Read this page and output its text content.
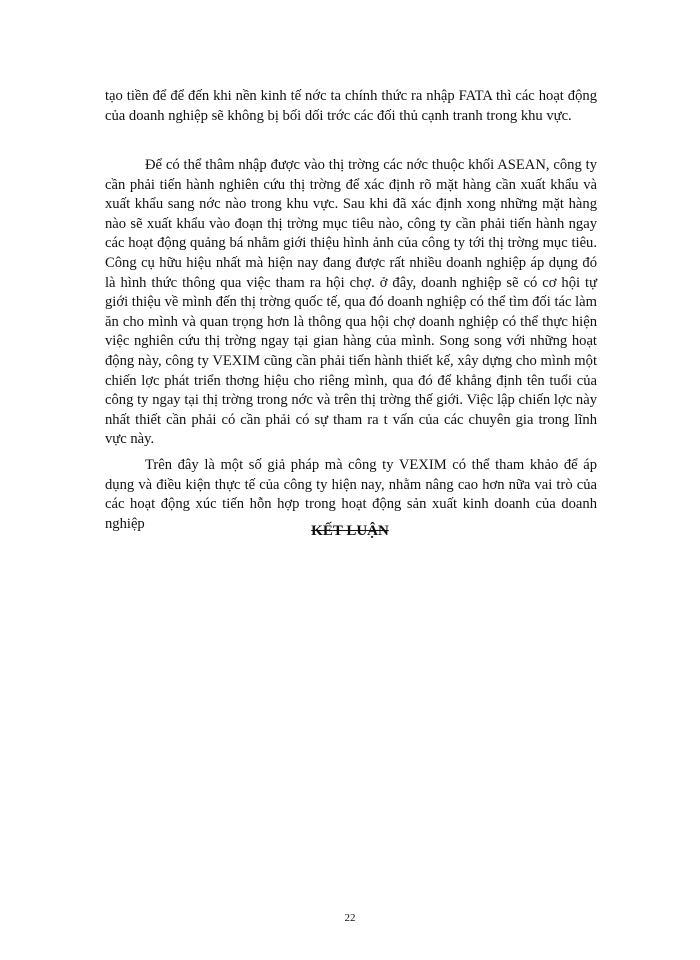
tạo tiền để để đến khi nền kinh tế nớc ta chính thức ra nhập FATA thì các hoạt động của doanh nghiệp sẽ không bị bối dối trớc các đối thủ cạnh tranh trong khu vực.

Để có thể thâm nhập được vào thị trờng các nớc thuộc khối ASEAN, công ty cần phải tiến hành nghiên cứu thị trờng để xác định rõ mặt hàng cần xuất khẩu và xuất khẩu sang nớc nào trong khu vực. Sau khi đã xác định xong những mặt hàng nào sẽ xuất khẩu vào đoạn thị trờng mục tiêu nào, công ty cần phải tiến hành ngay các hoạt động quảng bá nhằm giới thiệu hình ảnh của công ty tới thị trờng mục tiêu. Công cụ hữu hiệu nhất mà hiện nay đang được rất nhiều doanh nghiệp áp dụng đó là hình thức thông qua việc tham ra hội chợ. ở đây, doanh nghiệp sẽ có cơ hội tự giới thiệu về mình đến thị trờng quốc tế, qua đó doanh nghiệp có thể tìm đối tác làm ăn cho mình và quan trọng hơn là thông qua hội chợ doanh nghiệp có thể thực hiện việc nghiên cứu thị trờng ngay tại gian hàng của mình. Song song với những hoạt động này, công ty VEXIM cũng cần phải tiến hành thiết kế, xây dựng cho mình một chiến lợc phát triển thơng hiệu cho riêng mình, qua đó để khẳng định tên tuổi của công ty ngay tại thị trờng trong nớc và trên thị trờng thế giới. Việc lập chiến lợc này nhất thiết cần phải có cần phải có sự tham ra t vấn của các chuyên gia trong lĩnh vực này.

Trên đây là một số giả pháp mà công ty VEXIM có thể tham khảo để áp dụng và điều kiện thực tế của công ty hiện nay, nhằm nâng cao hơn nữa vai trò của các hoạt động xúc tiến hỗn hợp trong hoạt động sản xuất kinh doanh của doanh nghiệp	KẾT LUẬN

22
